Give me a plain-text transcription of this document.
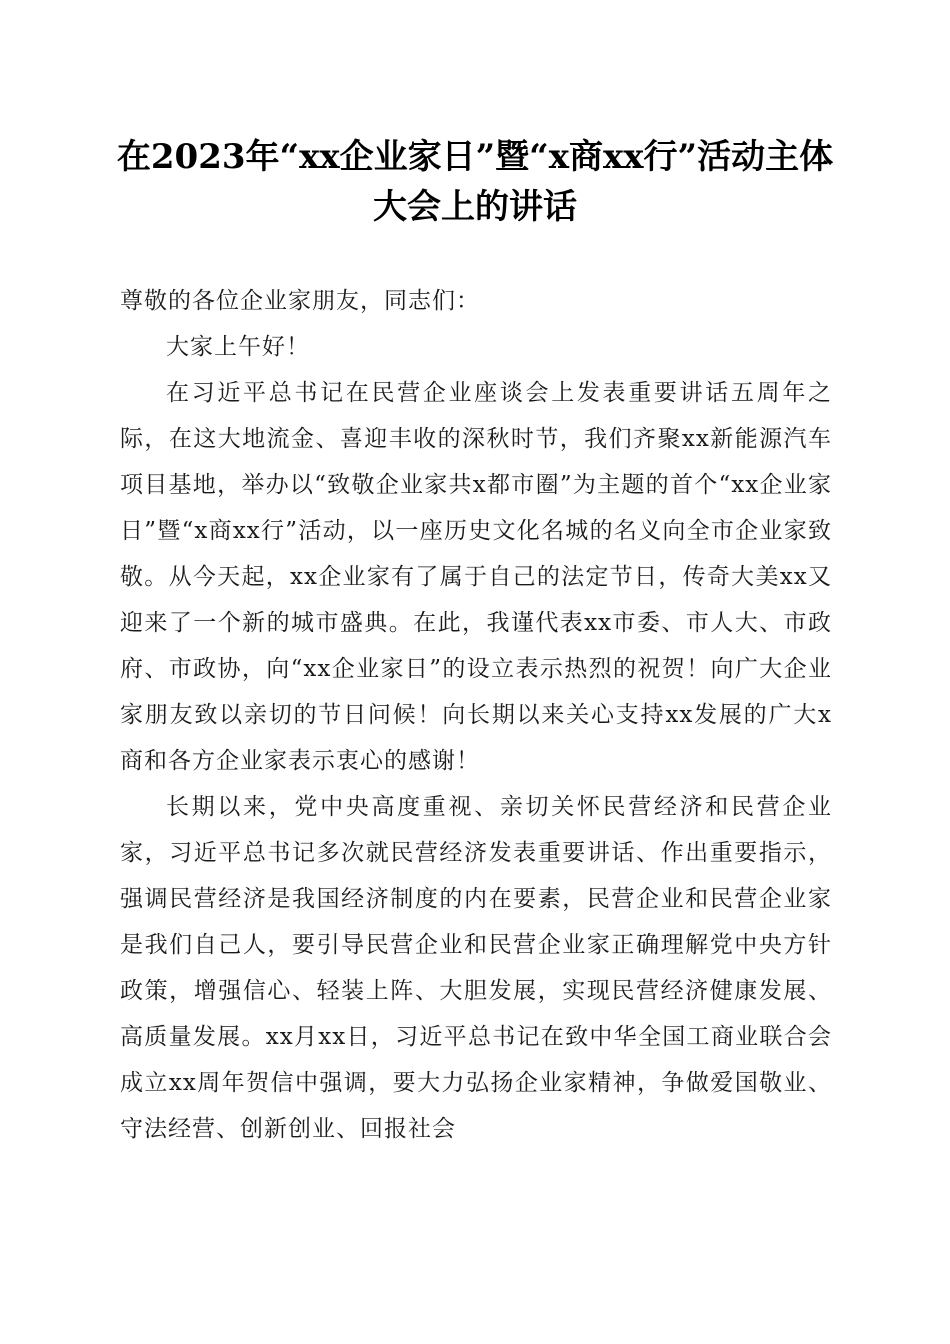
在2023年“xx企业家日”暨“x商xx行”活动主体大会上的讲话

尊敬的各位企业家朋友，同志们：

大家上午好！

在习近平总书记在民营企业座谈会上发表重要讲话五周年之际，在这大地流金、喜迎丰收的深秋时节，我们齐聚xx新能源汽车项目基地，举办以“致敬企业家共x都市圈”为主题的首个“xx企业家日”暨“x商xx行”活动，以一座历史文化名城的名义向全市企业家致敬。从今天起，xx企业家有了属于自己的法定节日，传奇大美xx又迎来了一个新的城市盛典。在此，我谨代表xx市委、市人大、市政府、市政协，向“xx企业家日”的设立表示热烈的祝贺！向广大企业家朋友致以亲切的节日问候！向长期以来关心支持xx发展的广大x商和各方企业家表示衷心的感谢！

长期以来，党中央高度重视、亲切关怀民营经济和民营企业家，习近平总书记多次就民营经济发表重要讲话、作出重要指示，强调民营经济是我国经济制度的内在要素，民营企业和民营企业家是我们自己人，要引导民营企业和民营企业家正确理解党中央方针政策，增强信心、轻装上阵、大胆发展，实现民营经济健康发展、高质量发展。xx月xx日，习近平总书记在致中华全国工商业联合会成立xx周年贺信中强调，要大力弘扬企业家精神，争做爱国敬业、守法经营、创新创业、回报社会
